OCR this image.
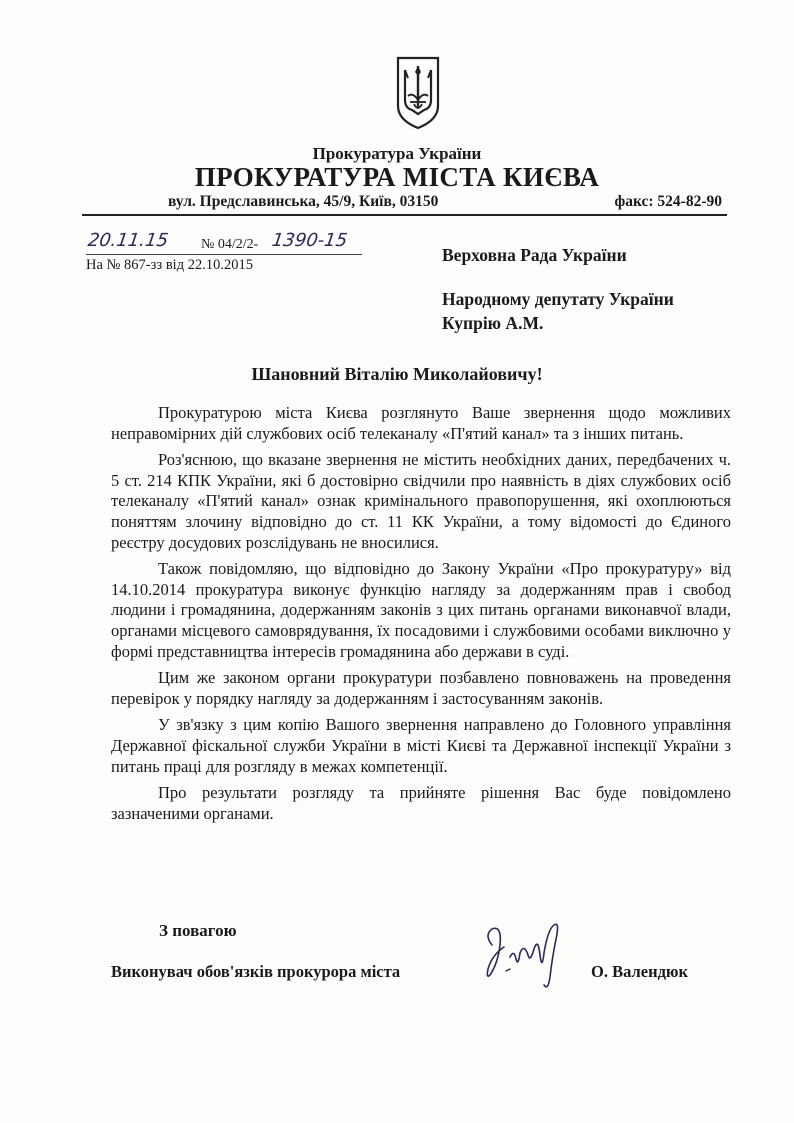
Прокуратура України
ПРОКУРАТУРА МІСТА КИЄВА
вул. Предславинська, 45/9, Київ, 03150	факс: 524-82-90
20.11.15 № 04/2/2- 1390-15
На № 867-зз від 22.10.2015	Верховна Рада України
Народному депутату України
Купрію А.М.
Шановний Віталію Миколайовичу!

Прокуратурою міста Києва розглянуто Ваше звернення щодо можливих неправомірних дій службових осіб телеканалу «П'ятий канал» та з інших питань.

Роз'яснюю, що вказане звернення не містить необхідних даних, передбачених ч. 5 ст. 214 КПК України, які б достовірно свідчили про наявність в діях службових осіб телеканалу «П'ятий канал» ознак кримінального правопорушення, які охоплюються поняттям злочину відповідно до ст. 11 КК України, а тому відомості до Єдиного реєстру досудових розслідувань не вносилися.

Також повідомляю, що відповідно до Закону України «Про прокуратуру» від 14.10.2014 прокуратура виконує функцію нагляду за додержанням прав і свобод людини і громадянина, додержанням законів з цих питань органами виконавчої влади, органами місцевого самоврядування, їх посадовими і службовими особами виключно у формі представництва інтересів громадянина або держави в суді.

Цим же законом органи прокуратури позбавлено повноважень на проведення перевірок у порядку нагляду за додержанням і застосуванням законів.

У зв'язку з цим копію Вашого звернення направлено до Головного управління Державної фіскальної служби України в місті Києві та Державної інспекції України з питань праці для розгляду в межах компетенції.

Про результати розгляду та прийняте рішення Вас буде повідомлено зазначеними органами.

З повагою
Виконувач обов'язків прокурора міста	О. Валендюк
